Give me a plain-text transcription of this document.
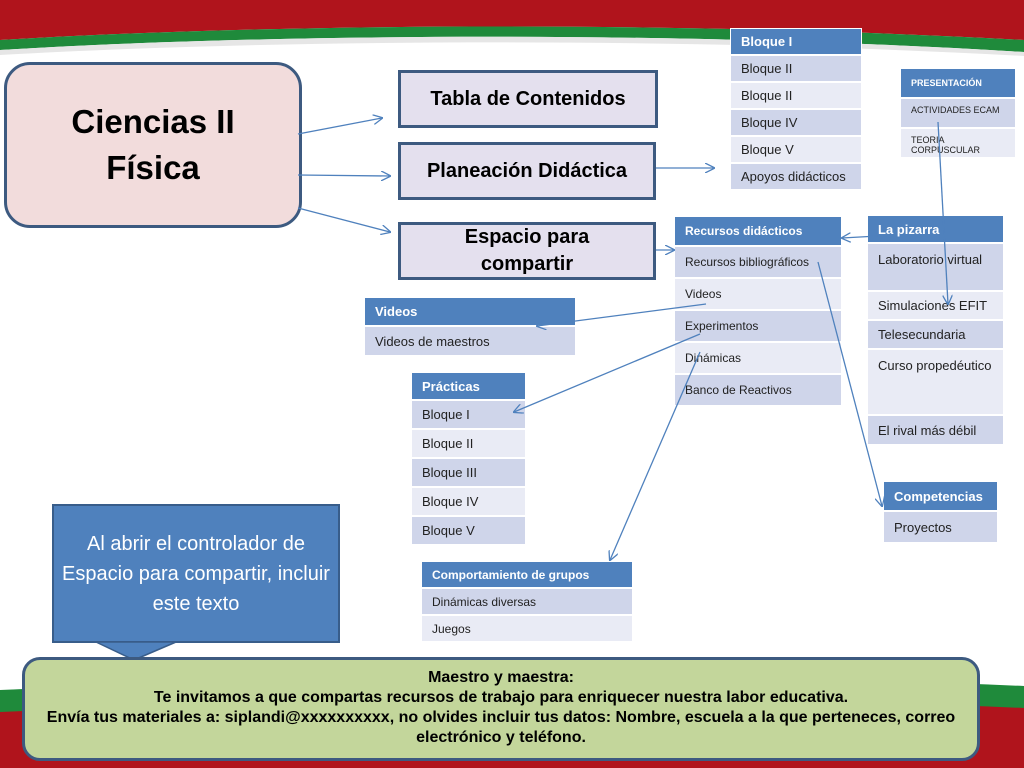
Ciencias II
Física
Tabla de Contenidos
Planeación Didáctica
Espacio para compartir
Bloque I
Bloque II
Bloque II
Bloque IV
Bloque V
Apoyos didácticos
PRESENTACIÓN
ACTIVIDADES ECAM
TEORIA CORPUSCULAR
Recursos didácticos
Recursos bibliográficos
Videos
Experimentos
Dinámicas
Banco de Reactivos
La pizarra
Laboratorio virtual
Simulaciones EFIT
Telesecundaria
Curso propedéutico
El rival más débil
Videos
Videos de maestros
Prácticas
Bloque I
Bloque II
Bloque III
Bloque IV
Bloque V
Competencias
Proyectos
Comportamiento de grupos
Dinámicas diversas
Juegos
Al abrir el controlador de Espacio para compartir, incluir este texto
Maestro y maestra:
Te invitamos a que compartas recursos de trabajo para enriquecer nuestra labor educativa.
Envía tus materiales a: siplandi@xxxxxxxxxx, no olvides incluir tus datos: Nombre, escuela a la que perteneces, correo electrónico y teléfono.
